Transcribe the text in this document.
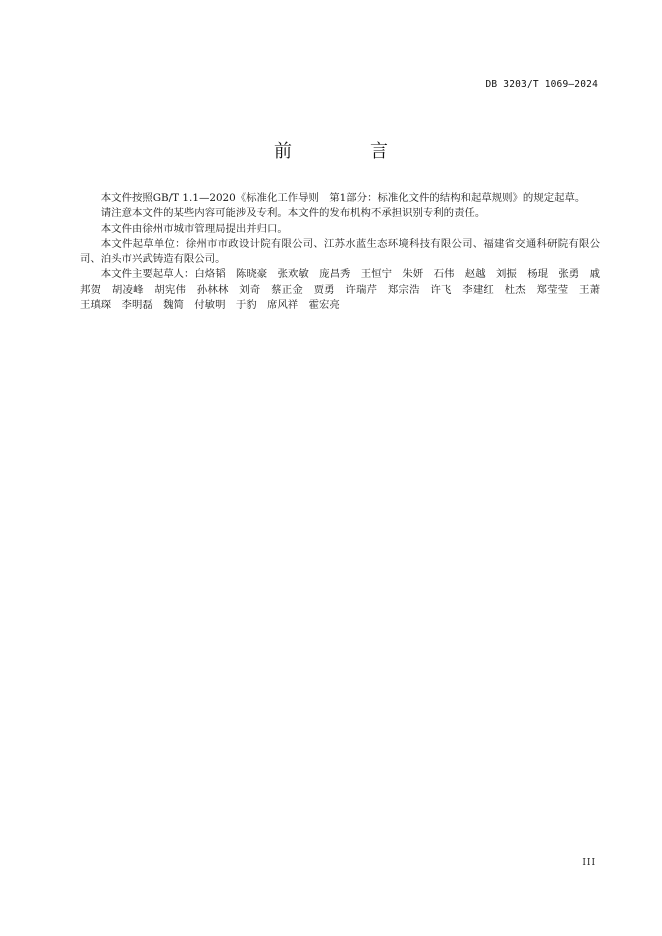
DB 3203/T 1069—2024
前　言

本文件按照GB/T 1.1—2020《标准化工作导则　第1部分：标准化文件的结构和起草规则》的规定起草。

请注意本文件的某些内容可能涉及专利。本文件的发布机构不承担识别专利的责任。

本文件由徐州市城市管理局提出并归口。

本文件起草单位：徐州市市政设计院有限公司、江苏水蓝生态环境科技有限公司、福建省交通科研院有限公司、泊头市兴武铸造有限公司。

本文件主要起草人：白烙韬　陈晓豪　张欢敏　庞昌秀　王恒宁　朱妍　石伟　赵越　刘振　杨琨　张勇　戚邦贺　胡凌峰　胡宪伟　孙林林　刘奇　蔡正金　贾勇　许瑞芹　郑宗浩　许飞　李建红　杜杰　郑莹莹　王萧　王瑱琛　李明磊　魏简　付敏明　于豹　席风祥　霍宏亮

III
